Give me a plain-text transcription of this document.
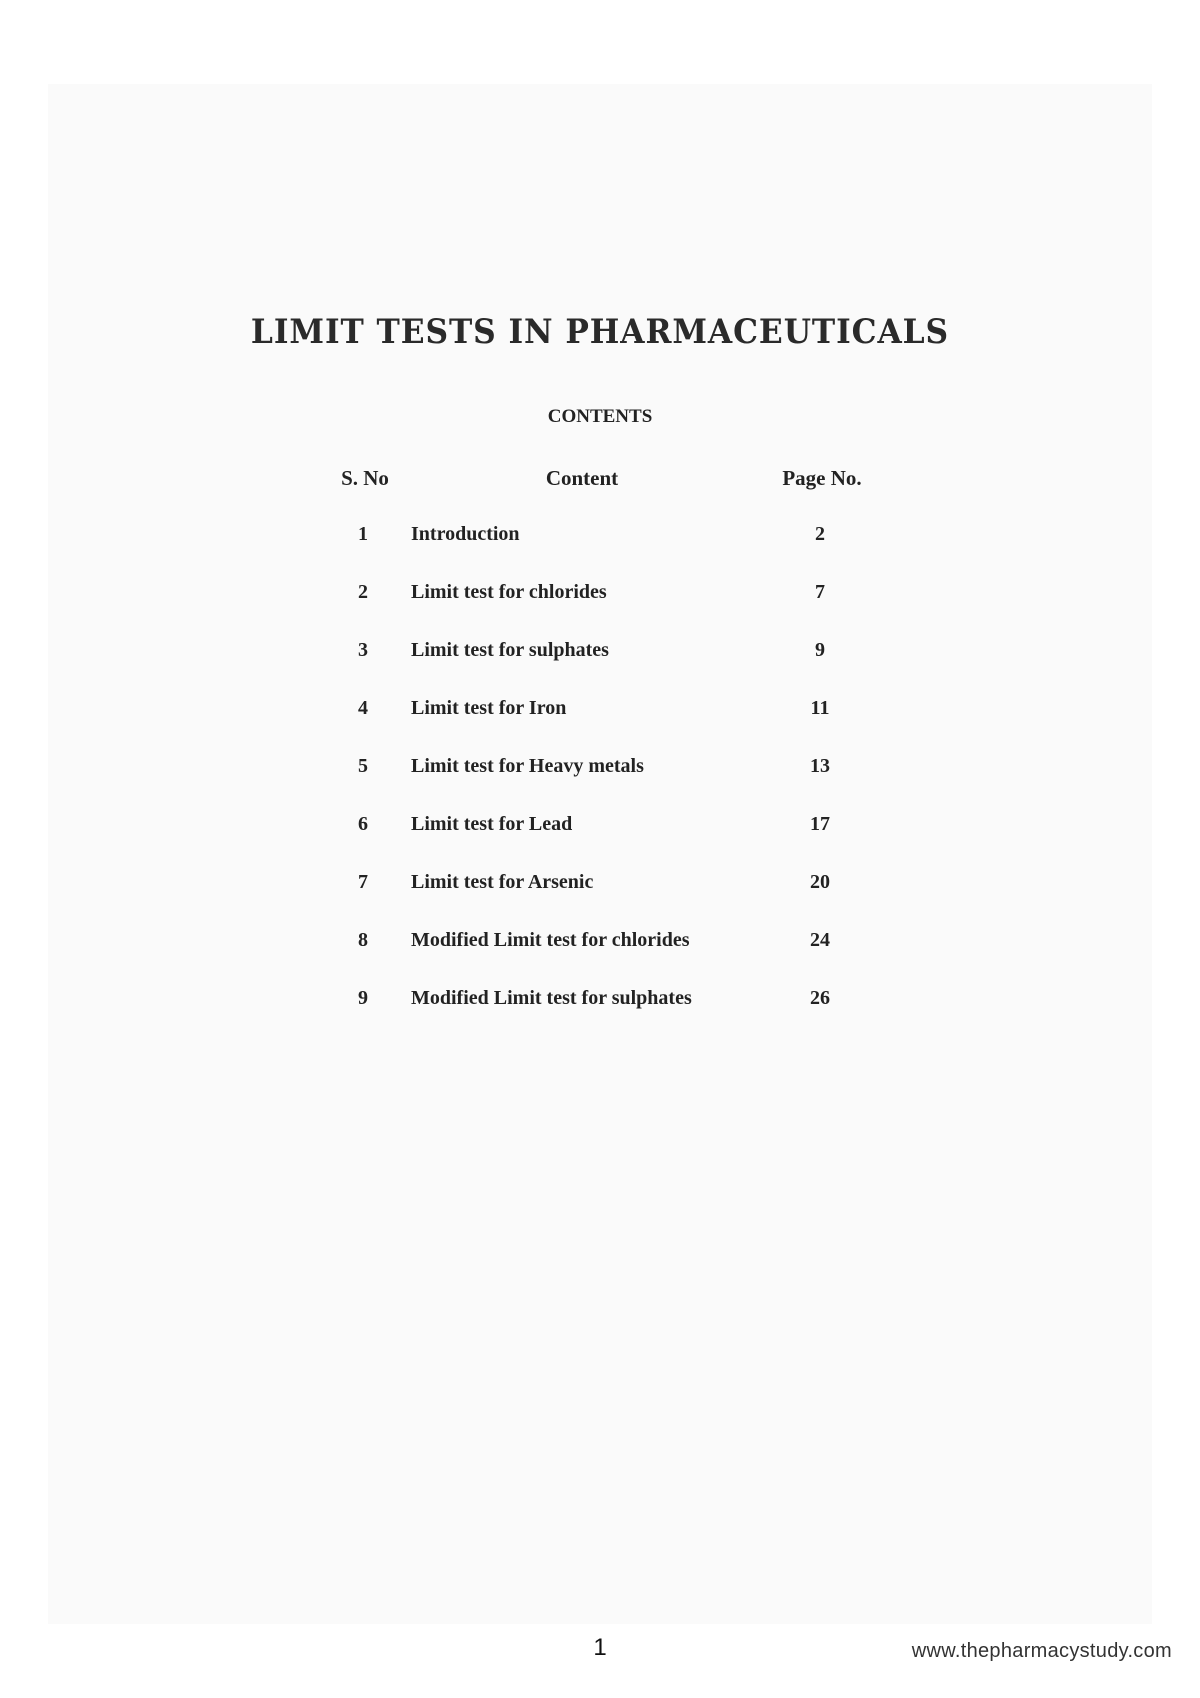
LIMIT TESTS IN PHARMACEUTICALS
CONTENTS
S. No	Content	Page No.
1	Introduction	2
2	Limit test for chlorides	7
3	Limit test for sulphates	9
4	Limit test for Iron	11
5	Limit test for Heavy metals	13
6	Limit test for Lead	17
7	Limit test for Arsenic	20
8	Modified Limit test for chlorides	24
9	Modified Limit test for sulphates	26
1	www.thepharmacystudy.com
